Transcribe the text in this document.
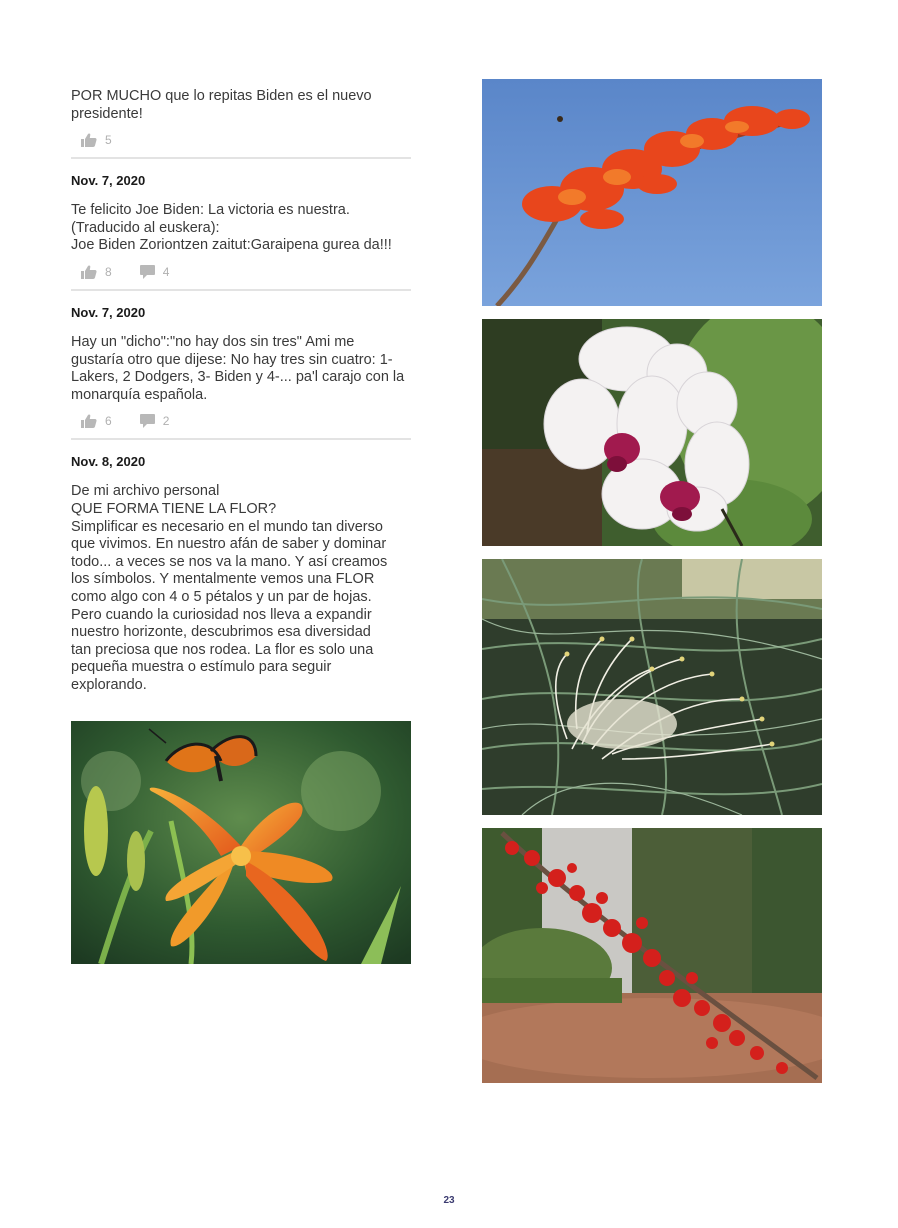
POR MUCHO que lo repitas Biden es el nuevo
presidente!
5
Nov. 7, 2020
Te felicito Joe Biden: La victoria es nuestra.
(Traducido al euskera):
Joe Biden Zoriontzen zaitut:Garaipena gurea da!!!
8	4
Nov. 7, 2020
Hay un "dicho":"no hay dos sin tres" Ami me
gustaría otro que dijese: No hay tres sin cuatro: 1-
Lakers, 2 Dodgers, 3- Biden y 4-... pa'l carajo con la
monarquía española.
6	2
Nov. 8, 2020
De mi archivo personal
QUE FORMA TIENE LA FLOR?
Simplificar es necesario en el mundo tan diverso
que vivimos. En nuestro afán de saber y dominar
todo... a veces se nos va la mano. Y así creamos
los símbolos. Y mentalmente vemos una FLOR
como algo con 4 o 5 pétalos y un par de hojas.
Pero cuando la curiosidad nos lleva a expandir
nuestro horizonte, descubrimos esa diversidad
tan preciosa que nos rodea. La flor es solo una
pequeña muestra o estímulo para seguir
explorando.
23
